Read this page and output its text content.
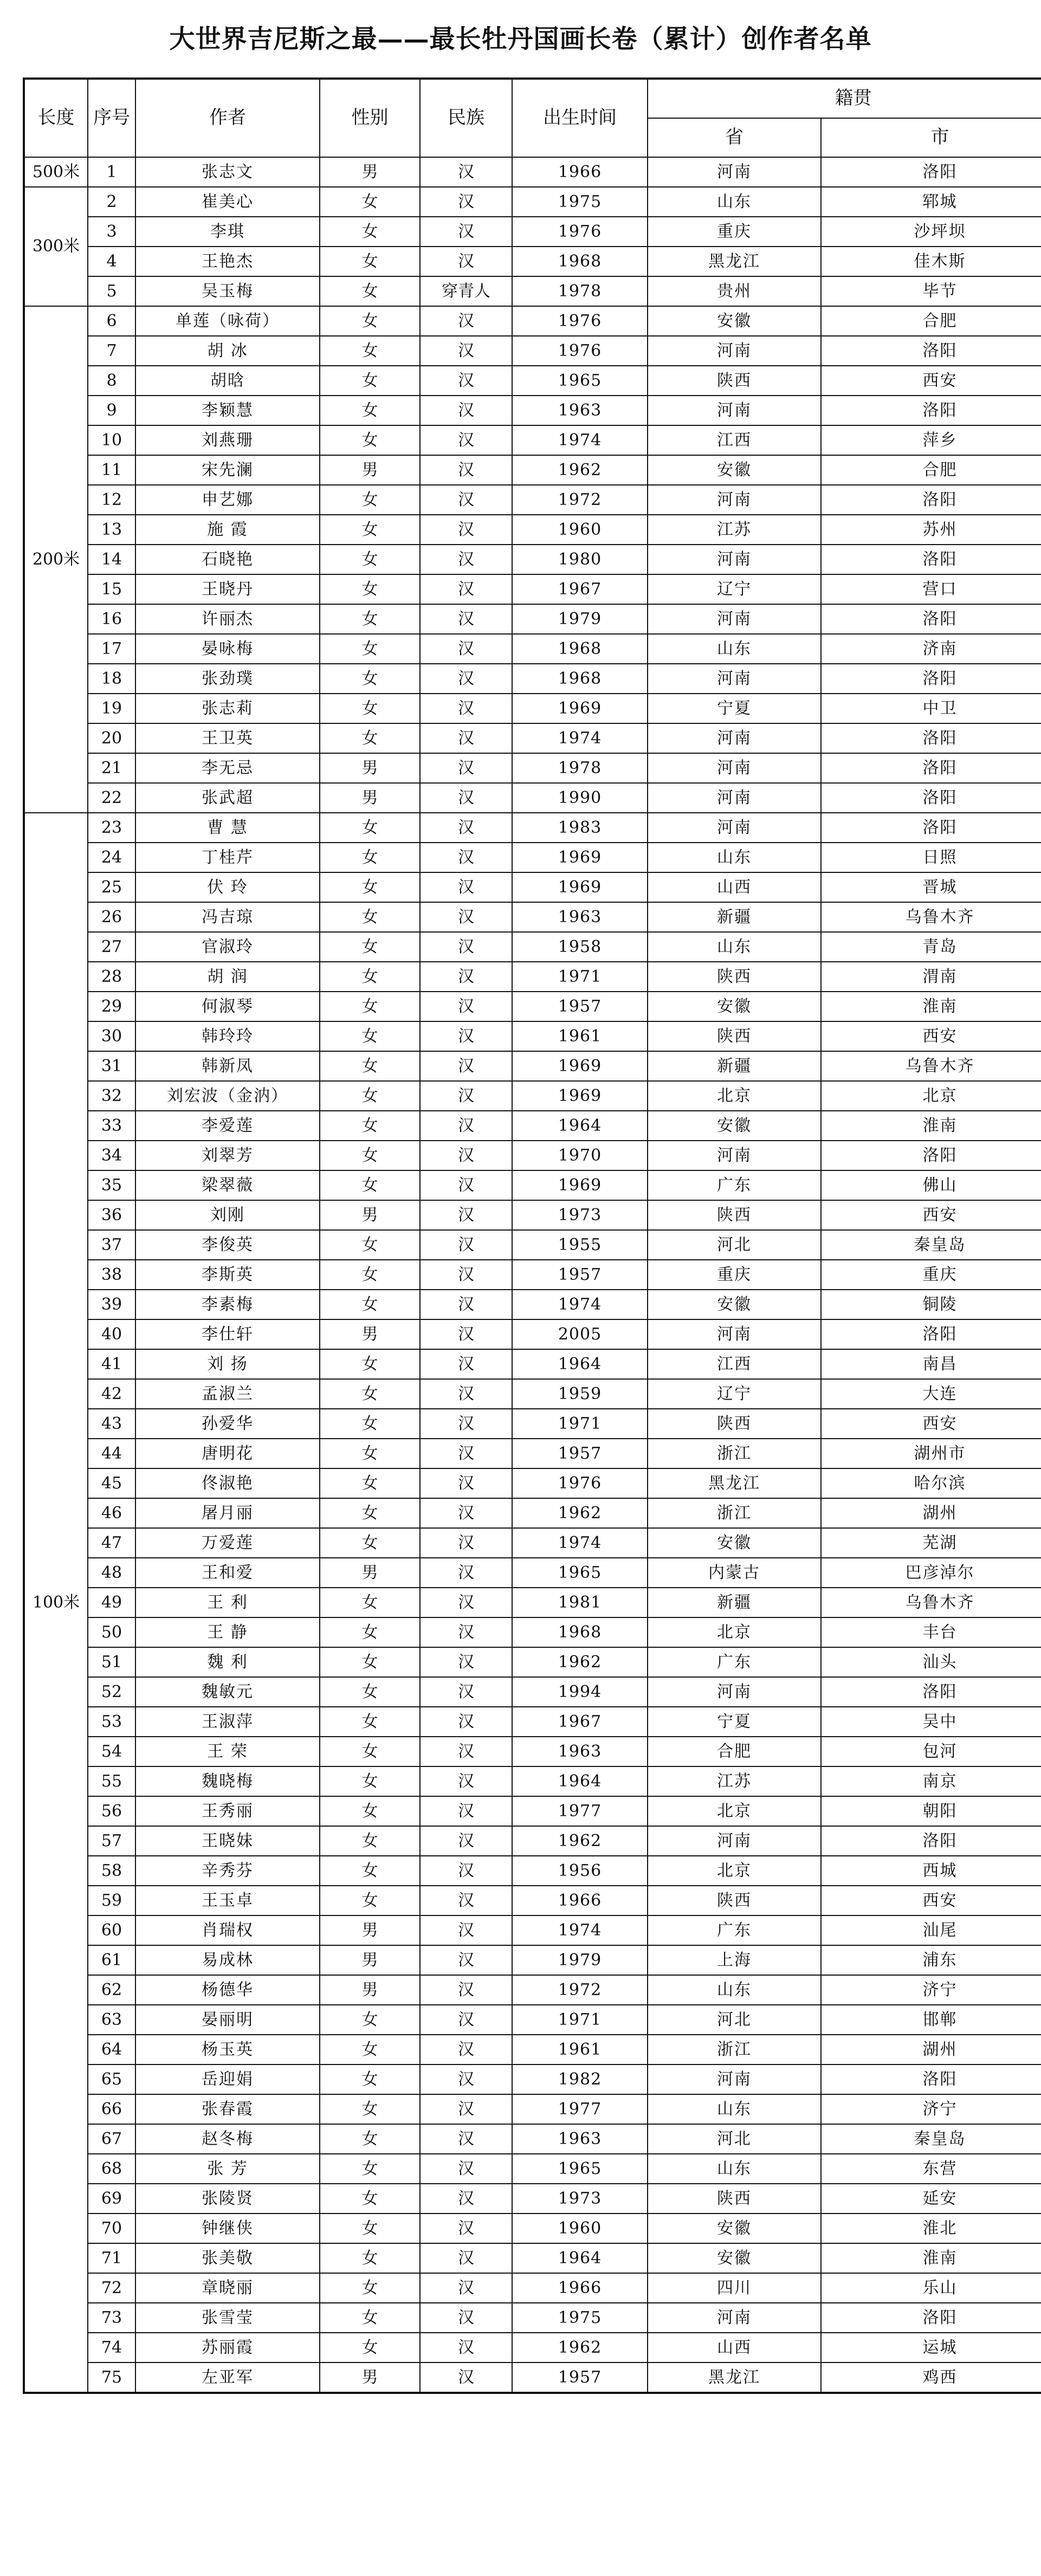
大世界吉尼斯之最——最长牡丹国画长卷（累计）创作者名单
长度	序号	作者	性别	民族	出生时间	籍贯	
						省	市
500米	1	张志文	男	汉	1966	河南	洛阳
300米	2	崔美心	女	汉	1975	山东	郓城
	3	李琪	女	汉	1976	重庆	沙坪坝
	4	王艳杰	女	汉	1968	黑龙江	佳木斯
	5	吴玉梅	女	穿青人	1978	贵州	毕节
200米	6	单莲（咏荷）	女	汉	1976	安徽	合肥
	7	胡 冰	女	汉	1976	河南	洛阳
	8	胡晗	女	汉	1965	陕西	西安
	9	李颖慧	女	汉	1963	河南	洛阳
	10	刘燕珊	女	汉	1974	江西	萍乡
	11	宋先澜	男	汉	1962	安徽	合肥
	12	申艺娜	女	汉	1972	河南	洛阳
	13	施 霞	女	汉	1960	江苏	苏州
	14	石晓艳	女	汉	1980	河南	洛阳
	15	王晓丹	女	汉	1967	辽宁	营口
	16	许丽杰	女	汉	1979	河南	洛阳
	17	晏咏梅	女	汉	1968	山东	济南
	18	张劲璞	女	汉	1968	河南	洛阳
	19	张志莉	女	汉	1969	宁夏	中卫
	20	王卫英	女	汉	1974	河南	洛阳
	21	李无忌	男	汉	1978	河南	洛阳
	22	张武超	男	汉	1990	河南	洛阳
100米	23	曹 慧	女	汉	1983	河南	洛阳
	24	丁桂芹	女	汉	1969	山东	日照
	25	伏 玲	女	汉	1969	山西	晋城
	26	冯吉琼	女	汉	1963	新疆	乌鲁木齐
	27	官淑玲	女	汉	1958	山东	青岛
	28	胡 润	女	汉	1971	陕西	渭南
	29	何淑琴	女	汉	1957	安徽	淮南
	30	韩玲玲	女	汉	1961	陕西	西安
	31	韩新凤	女	汉	1969	新疆	乌鲁木齐
	32	刘宏波（金汭）	女	汉	1969	北京	北京
	33	李爱莲	女	汉	1964	安徽	淮南
	34	刘翠芳	女	汉	1970	河南	洛阳
	35	梁翠薇	女	汉	1969	广东	佛山
	36	刘刚	男	汉	1973	陕西	西安
	37	李俊英	女	汉	1955	河北	秦皇岛
	38	李斯英	女	汉	1957	重庆	重庆
	39	李素梅	女	汉	1974	安徽	铜陵
	40	李仕轩	男	汉	2005	河南	洛阳
	41	刘 扬	女	汉	1964	江西	南昌
	42	孟淑兰	女	汉	1959	辽宁	大连
	43	孙爱华	女	汉	1971	陕西	西安
	44	唐明花	女	汉	1957	浙江	湖州市
	45	佟淑艳	女	汉	1976	黑龙江	哈尔滨
	46	屠月丽	女	汉	1962	浙江	湖州
	47	万爱莲	女	汉	1974	安徽	芜湖
	48	王和爱	男	汉	1965	内蒙古	巴彦淖尔
	49	王 利	女	汉	1981	新疆	乌鲁木齐
	50	王 静	女	汉	1968	北京	丰台
	51	魏 利	女	汉	1962	广东	汕头
	52	魏敏元	女	汉	1994	河南	洛阳
	53	王淑萍	女	汉	1967	宁夏	吴中
	54	王 荣	女	汉	1963	合肥	包河
	55	魏晓梅	女	汉	1964	江苏	南京
	56	王秀丽	女	汉	1977	北京	朝阳
	57	王晓妹	女	汉	1962	河南	洛阳
	58	辛秀芬	女	汉	1956	北京	西城
	59	王玉卓	女	汉	1966	陕西	西安
	60	肖瑞权	男	汉	1974	广东	汕尾
	61	易成林	男	汉	1979	上海	浦东
	62	杨德华	男	汉	1972	山东	济宁
	63	晏丽明	女	汉	1971	河北	邯郸
	64	杨玉英	女	汉	1961	浙江	湖州
	65	岳迎娟	女	汉	1982	河南	洛阳
	66	张春霞	女	汉	1977	山东	济宁
	67	赵冬梅	女	汉	1963	河北	秦皇岛
	68	张 芳	女	汉	1965	山东	东营
	69	张陵贤	女	汉	1973	陕西	延安
	70	钟继侠	女	汉	1960	安徽	淮北
	71	张美敬	女	汉	1964	安徽	淮南
	72	章晓丽	女	汉	1966	四川	乐山
	73	张雪莹	女	汉	1975	河南	洛阳
	74	苏丽霞	女	汉	1962	山西	运城
	75	左亚军	男	汉	1957	黑龙江	鸡西
